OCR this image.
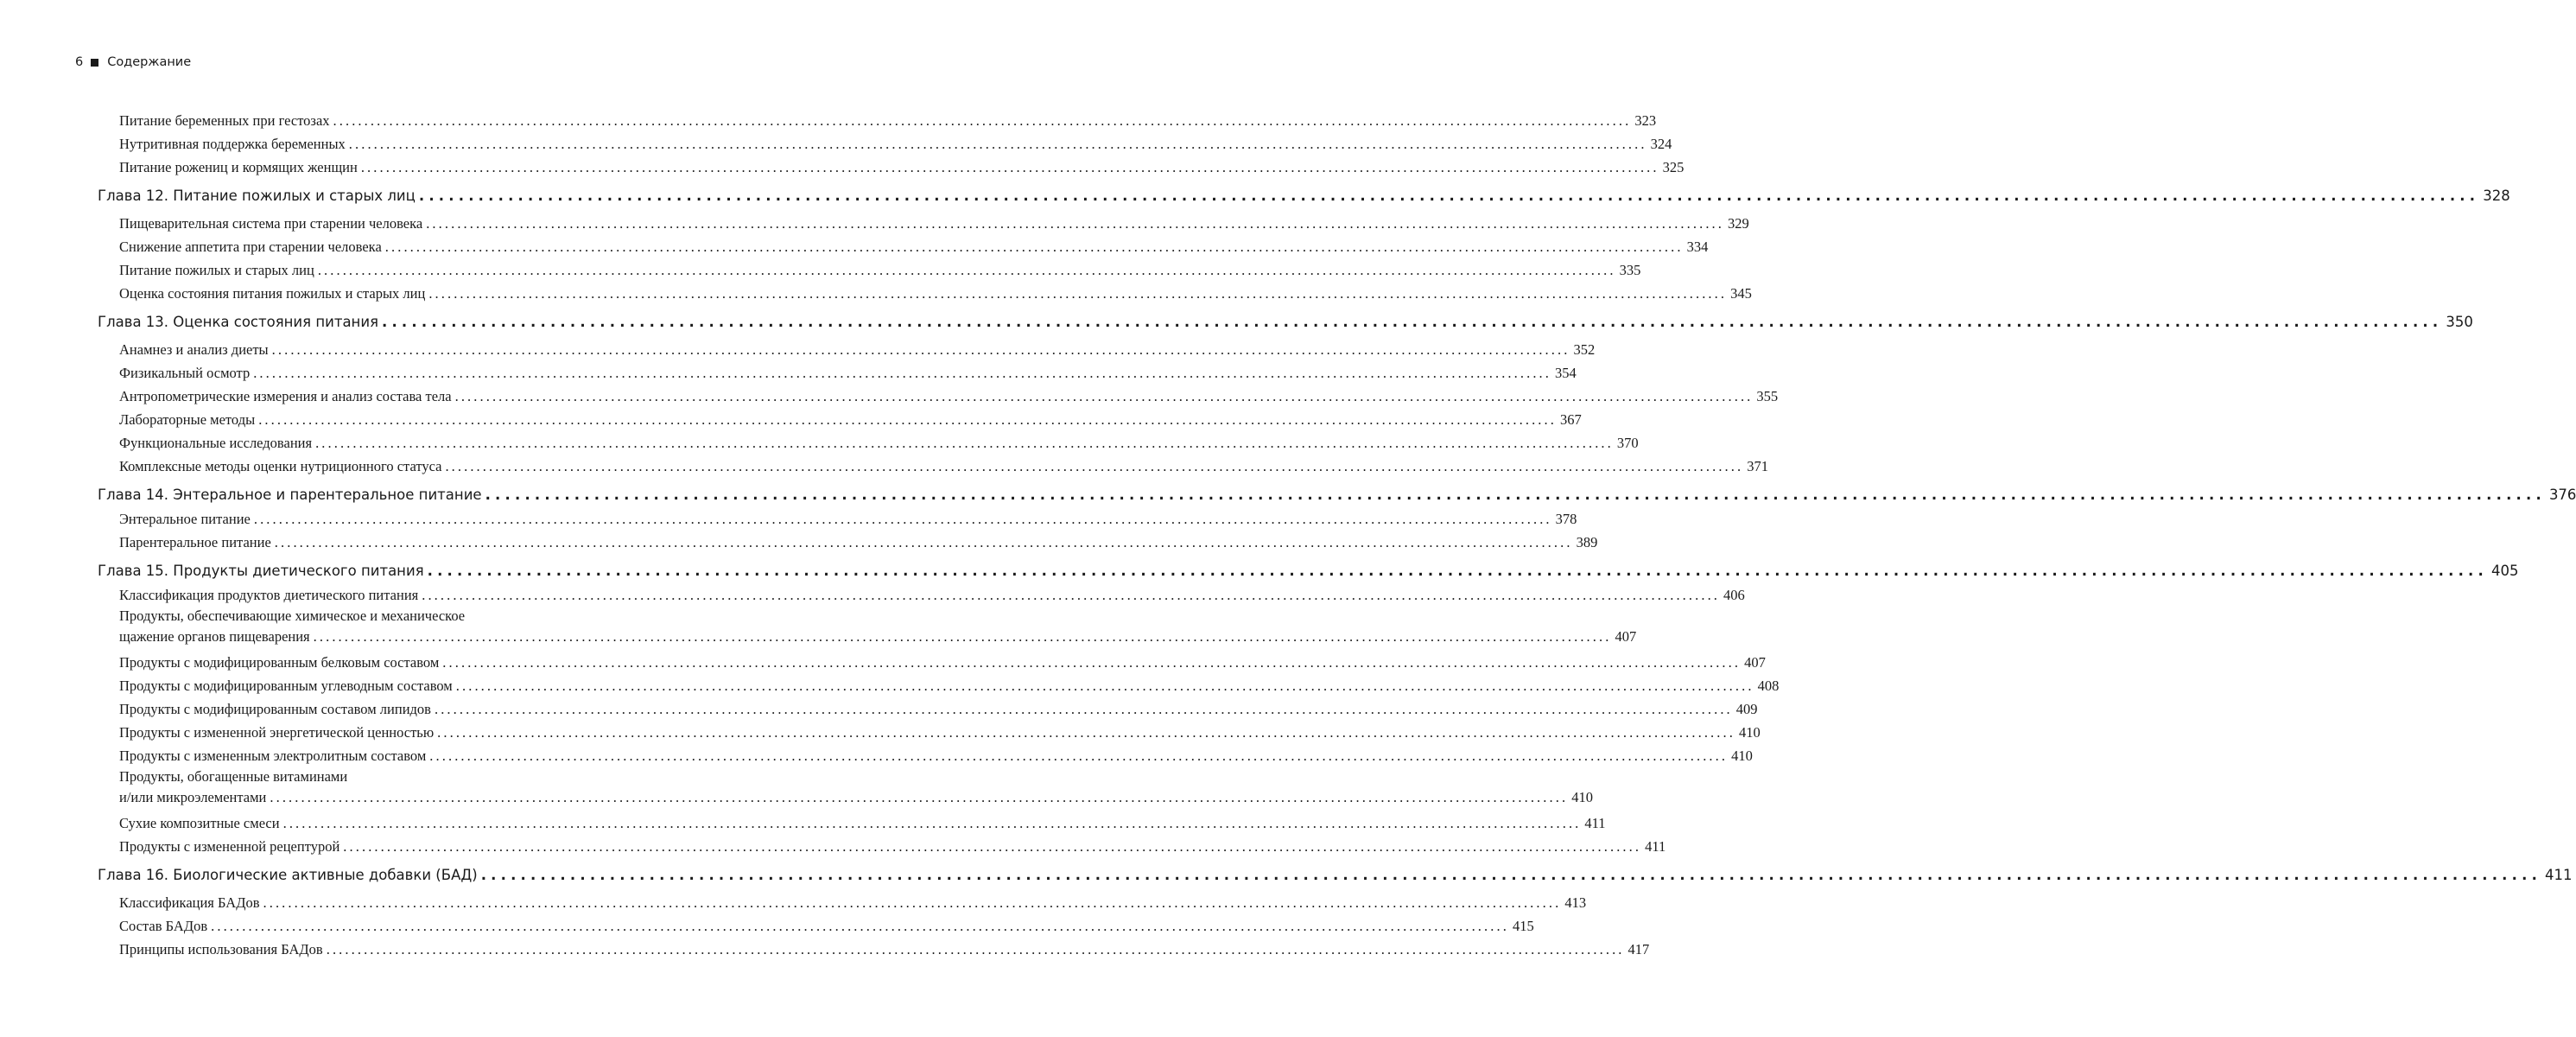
6 Содержание
Питание беременных при гестозах ................................................................................................................................................................................................................ 323
Нутритивная поддержка беременных ................................................................................................................................................................................................................ 324
Питание рожениц и кормящих женщин ................................................................................................................................................................................................................ 325
Глава 12. Питание пожилых и старых лиц ................................................................................................................................................................................................................ 328
Пищеварительная система при старении человека ................................................................................................................................................................................................................ 329
Снижение аппетита при старении человека ................................................................................................................................................................................................................ 334
Питание пожилых и старых лиц ................................................................................................................................................................................................................ 335
Оценка состояния питания пожилых и старых лиц ................................................................................................................................................................................................................ 345
Глава 13. Оценка состояния питания ................................................................................................................................................................................................................ 350
Анамнез и анализ диеты ................................................................................................................................................................................................................ 352
Физикальный осмотр ................................................................................................................................................................................................................ 354
Антропометрические измерения и анализ состава тела ................................................................................................................................................................................................................ 355
Лабораторные методы ................................................................................................................................................................................................................ 367
Функциональные исследования ................................................................................................................................................................................................................ 370
Комплексные методы оценки нутриционного статуса ................................................................................................................................................................................................................ 371
Глава 14. Энтеральное и парентеральное питание ................................................................................................................................................................................................................ 376
Энтеральное питание ................................................................................................................................................................................................................ 378
Парентеральное питание ................................................................................................................................................................................................................ 389
Глава 15. Продукты диетического питания ................................................................................................................................................................................................................ 405
Классификация продуктов диетического питания ................................................................................................................................................................................................................ 406
Продукты, обеспечивающие химическое и механическое
щажение органов пищеварения ................................................................................................................................................................................................................ 407
Продукты с модифицированным белковым составом ................................................................................................................................................................................................................ 407
Продукты с модифицированным углеводным составом ................................................................................................................................................................................................................ 408
Продукты с модифицированным составом липидов ................................................................................................................................................................................................................ 409
Продукты с измененной энергетической ценностью ................................................................................................................................................................................................................ 410
Продукты с измененным электролитным составом ................................................................................................................................................................................................................ 410
Продукты, обогащенные витаминами
и/или микроэлементами ................................................................................................................................................................................................................ 410
Сухие композитные смеси ................................................................................................................................................................................................................ 411
Продукты с измененной рецептурой ................................................................................................................................................................................................................ 411
Глава 16. Биологические активные добавки (БАД) ................................................................................................................................................................................................................ 411
Классификация БАДов ................................................................................................................................................................................................................ 413
Состав БАДов ................................................................................................................................................................................................................ 415
Принципы использования БАДов ................................................................................................................................................................................................................ 417
